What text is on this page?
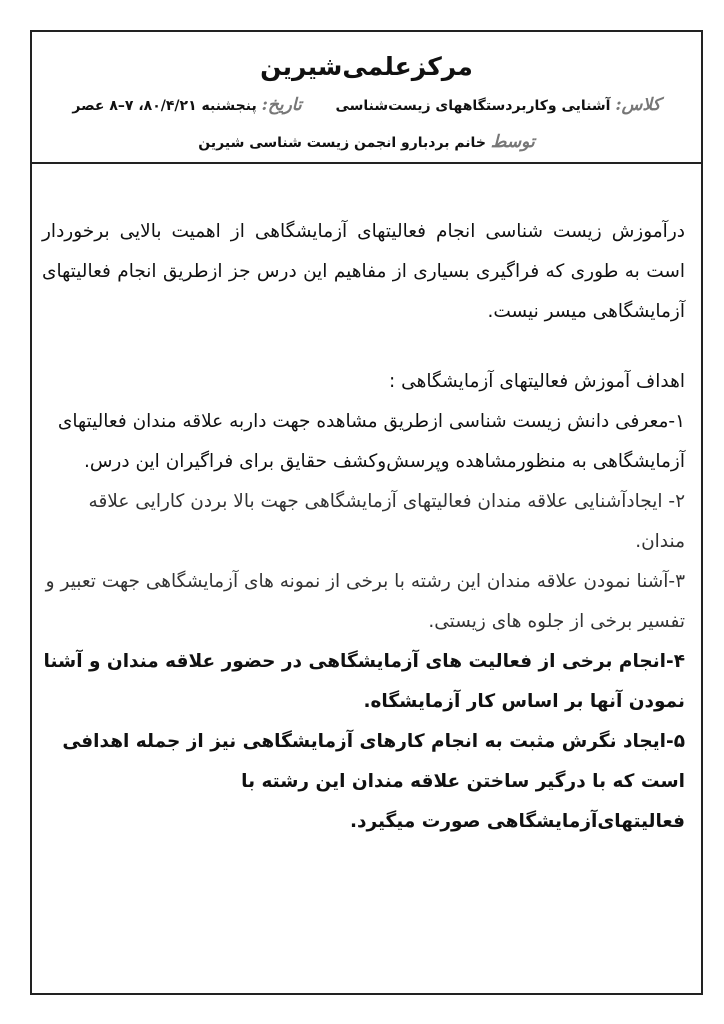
مرکزعلمی‌شیرین
کلاس: آشنایی وکاربردستگاههای زیست‌شناسی  تاریخ: پنجشنبه ۸۰/۴/۲۱، ۷–۸ عصر
توسط خانم بردبارو انجمن زیست شناسی شیرین

درآموزش زیست شناسی انجام فعالیتهای آزمایشگاهی از اهمیت بالایی برخوردار است به طوری که فراگیری بسیاری از مفاهیم این درس جز ازطریق انجام فعالیتهای آزمایشگاهی میسر نیست.

اهداف آموزش فعالیتهای آزمایشگاهی :

۱-معرفی دانش زیست شناسی ازطریق مشاهده جهت داربه علاقه مندان فعالیتهای آزمایشگاهی به منظورمشاهده وپرسش‌وکشف حقایق برای فراگیران این درس.

۲- ایجادآشنایی علاقه مندان فعالیتهای آزمایشگاهی جهت بالا بردن کارایی علاقه مندان.

۳-آشنا نمودن علاقه مندان این رشته با برخی از نمونه های آزمایشگاهی جهت تعبیر و تفسیر برخی از جلوه های زیستی.

۴-انجام برخی از فعالیت های آزمایشگاهی در حضور علاقه مندان و آشنا نمودن آنها بر اساس کار آزمایشگاه.

۵-ایجاد نگرش مثبت به انجام کارهای آزمایشگاهی نیز از جمله اهدافی است که با درگیر ساختن علاقه مندان این رشته با فعالیتهای‌آزمایشگاهی صورت میگیرد.
